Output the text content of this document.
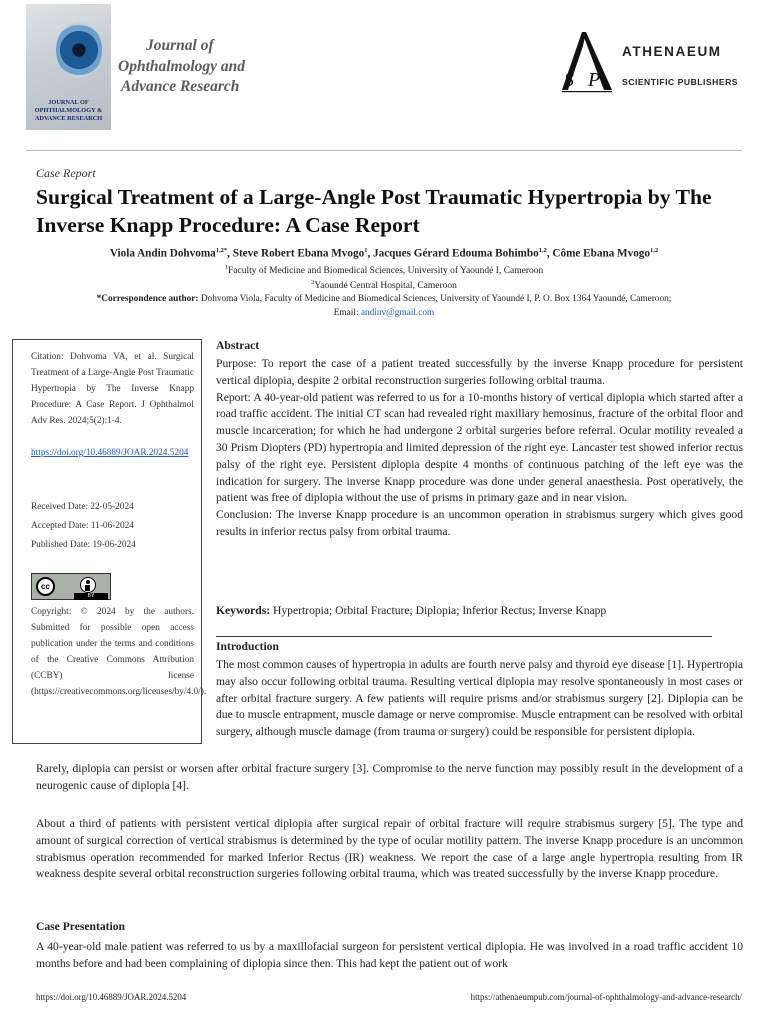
JOURNAL OF OPHTHALMOLOGY & ADVANCE RESEARCH
Journal of
Ophthalmology and
Advance Research	S P
ATHENAEUM
SCIENTIFIC PUBLISHERS
Case Report
Surgical Treatment of a Large-Angle Post Traumatic Hypertropia by The Inverse Knapp Procedure: A Case Report
Viola Andin Dohvoma$^{1,2*}$, Steve Robert Ebana Mvogo$^1$, Jacques Gérard Edouma Bohimbo$^{1,2}$, Côme Ebana Mvogo$^{1,2}$
$^1$Faculty of Medicine and Biomedical Sciences, University of Yaoundé I, Cameroon
$^2$Yaoundé Central Hospital, Cameroon
*Correspondence author: Dohvoma Viola, Faculty of Medicine and Biomedical Sciences, University of Yaoundé I, P. O. Box 1364 Yaoundé, Cameroon;
Email: andinv@gmail.com
Citation: Dohvoma VA, et al. Surgical Treatment of a Large-Angle Post Traumatic Hypertropia by The Inverse Knapp Procedure: A Case Report. J Ophthalmol Adv Res. 2024;5(2):1-4.
https://doi.org/10.46889/JOAR.2024.5204
Received Date: 22-05-2024
Accepted Date: 11-06-2024
Published Date: 19-06-2024
cc
BY
Copyright: © 2024 by the authors. Submitted for possible open access publication under the terms and conditions of the Creative Commons Attribution (CCBY) license (https://creativecommons.org/licenses/by/4.0/).
Abstract

Purpose: To report the case of a patient treated successfully by the inverse Knapp procedure for persistent vertical diplopia, despite 2 orbital reconstruction surgeries following orbital trauma.

Report: A 40-year-old patient was referred to us for a 10-months history of vertical diplopia which started after a road traffic accident. The initial CT scan had revealed right maxillary hemosinus, fracture of the orbital floor and muscle incarceration; for which he had undergone 2 orbital surgeries before referral. Ocular motility revealed a 30 Prism Diopters (PD) hypertropia and limited depression of the right eye. Lancaster test showed inferior rectus palsy of the right eye. Persistent diplopia despite 4 months of continuous patching of the left eye was the indication for surgery. The inverse Knapp procedure was done under general anaesthesia. Post operatively, the patient was free of diplopia without the use of prisms in primary gaze and in near vision.

Conclusion: The inverse Knapp procedure is an uncommon operation in strabismus surgery which gives good results in inferior rectus palsy from orbital trauma.

Keywords: Hypertropia; Orbital Fracture; Diplopia; Inferior Rectus; Inverse Knapp
Introduction
The most common causes of hypertropia in adults are fourth nerve palsy and thyroid eye disease [1]. Hypertropia may also occur following orbital trauma. Resulting vertical diplopia may resolve spontaneously in most cases or after orbital fracture surgery. A few patients will require prisms and/or strabismus surgery [2]. Diplopia can be due to muscle entrapment, muscle damage or nerve compromise. Muscle entrapment can be resolved with orbital surgery, although muscle damage (from trauma or surgery) could be responsible for persistent diplopia.
Rarely, diplopia can persist or worsen after orbital fracture surgery [3]. Compromise to the nerve function may possibly result in the development of a neurogenic cause of diplopia [4].
About a third of patients with persistent vertical diplopia after surgical repair of orbital fracture will require strabismus surgery [5]. The type and amount of surgical correction of vertical strabismus is determined by the type of ocular motility pattern. The inverse Knapp procedure is an uncommon strabismus operation recommended for marked Inferior Rectus (IR) weakness. We report the case of a large angle hypertropia resulting from IR weakness despite several orbital reconstruction surgeries following orbital trauma, which was treated successfully by the inverse Knapp procedure.
Case Presentation
A 40-year-old male patient was referred to us by a maxillofacial surgeon for persistent vertical diplopia. He was involved in a road traffic accident 10 months before and had been complaining of diplopia since then. This had kept the patient out of work
https://doi.org/10.46889/JOAR.2024.5204	https://athenaeumpub.com/journal-of-ophthalmology-and-advance-research/
